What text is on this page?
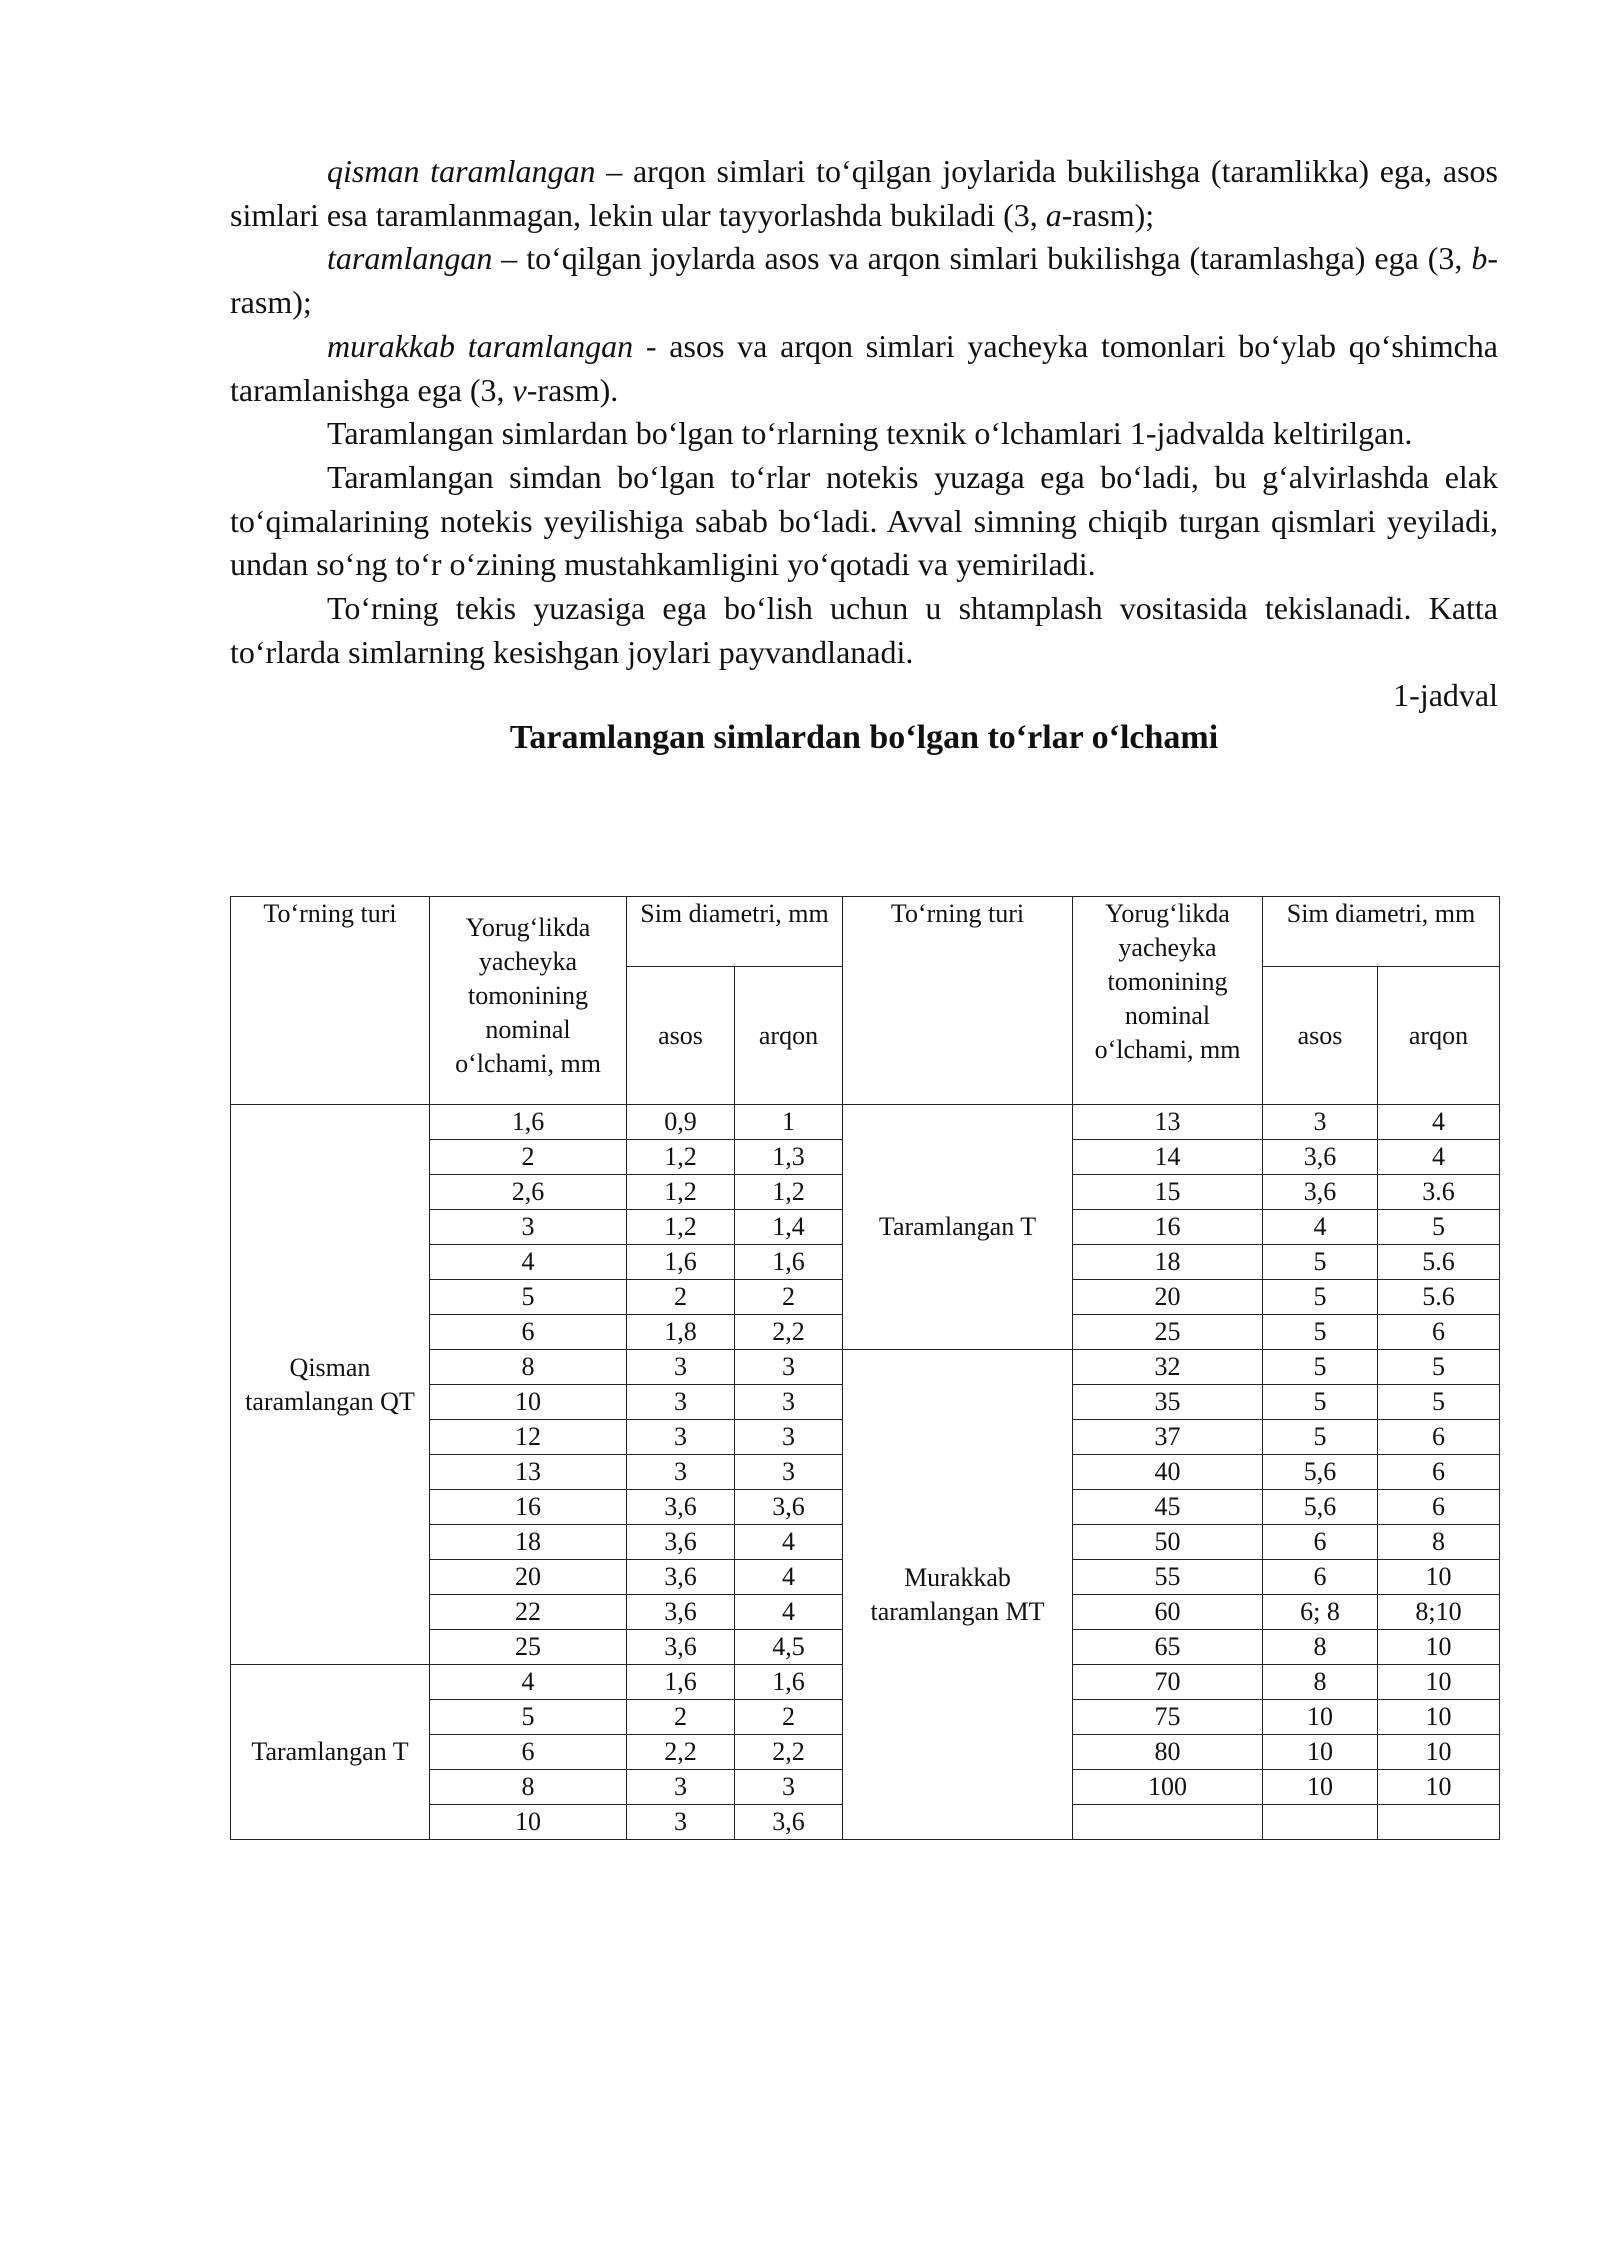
qisman taramlangan – arqon simlari to‘qilgan joylarida bukilishga (taramlikka) ega, asos simlari esa taramlanmagan, lekin ular tayyorlashda bukiladi (3, a-rasm);

taramlangan – to‘qilgan joylarda asos va arqon simlari bukilishga (taramlashga) ega (3, b-rasm);

murakkab taramlangan - asos va arqon simlari yacheyka tomonlari bo‘ylab qo‘shimcha taramlanishga ega (3, v-rasm).

Taramlangan simlardan bo‘lgan to‘rlarning texnik o‘lchamlari 1-jadvalda keltirilgan.

Taramlangan simdan bo‘lgan to‘rlar notekis yuzaga ega bo‘ladi, bu g‘alvirlashda elak to‘qimalarining notekis yeyilishiga sabab bo‘ladi. Avval simning chiqib turgan qismlari yeyiladi, undan so‘ng to‘r o‘zining mustahkamligini yo‘qotadi va yemiriladi.

To‘rning tekis yuzasiga ega bo‘lish uchun u shtamplash vositasida tekislanadi. Katta to‘rlarda simlarning kesishgan joylari payvandlanadi.

1-jadval

Taramlangan simlardan bo‘lgan to‘rlar o‘lchami

To‘rning turi	Yorug‘likda yacheyka tomonining nominal o‘lchami, mm	Sim diametri, mm		To‘rning turi	Yorug‘likda yacheyka tomonining nominal o‘lchami, mm	Sim diametri, mm	
		asos	arqon			asos	arqon
Qisman taramlangan QT	1,6	0,9	1	Taramlangan T	13	3	4
	2	1,2	1,3		14	3,6	4
	2,6	1,2	1,2		15	3,6	3.6
	3	1,2	1,4		16	4	5
	4	1,6	1,6		18	5	5.6
	5	2	2		20	5	5.6
	6	1,8	2,2		25	5	6
	8	3	3	Murakkab taramlangan MT	32	5	5
	10	3	3		35	5	5
	12	3	3		37	5	6
	13	3	3		40	5,6	6
	16	3,6	3,6		45	5,6	6
	18	3,6	4		50	6	8
	20	3,6	4		55	6	10
	22	3,6	4		60	6; 8	8;10
	25	3,6	4,5		65	8	10
Taramlangan T	4	1,6	1,6		70	8	10
	5	2	2		75	10	10
	6	2,2	2,2		80	10	10
	8	3	3		100	10	10
	10	3	3,6				
